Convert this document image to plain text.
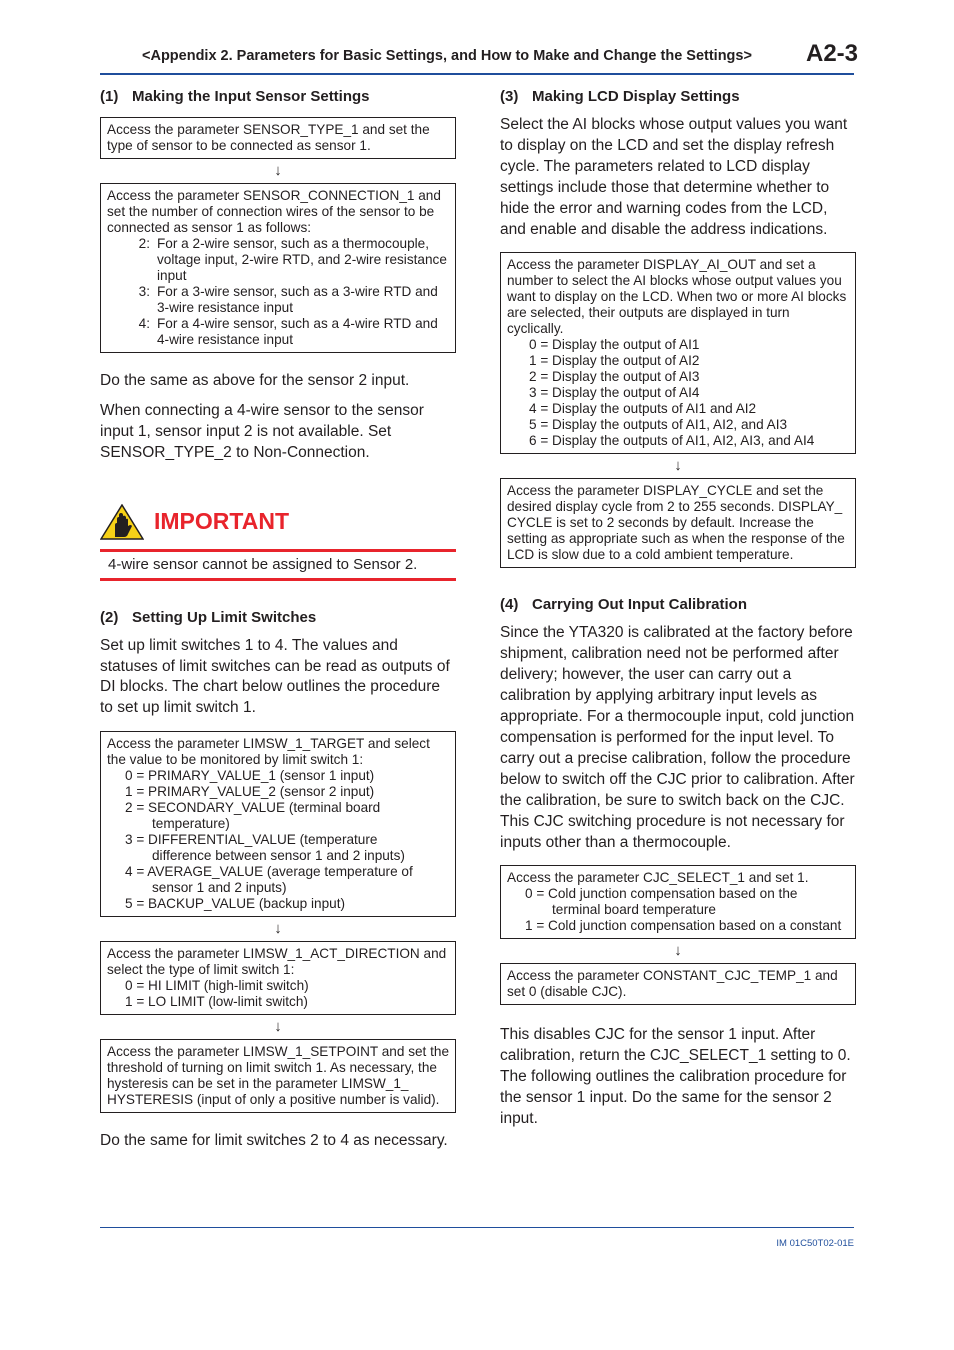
<Appendix 2. Parameters for Basic Settings, and How to Make and Change the Settings> A2-3
(1) Making the Input Sensor Settings
Access the parameter SENSOR_TYPE_1 and set the type of sensor to be connected as sensor 1.
↓
Access the parameter SENSOR_CONNECTION_1 and set the number of connection wires of the sensor to be connected as sensor 1 as follows:
2: For a 2-wire sensor, such as a thermocouple, voltage input, 2-wire RTD, and 2-wire resistance input
3: For a 3-wire sensor, such as a 3-wire RTD and 3-wire resistance input
4: For a 4-wire sensor, such as a 4-wire RTD and 4-wire resistance input

Do the same as above for the sensor 2 input.

When connecting a 4-wire sensor to the sensor input 1, sensor input 2 is not available. Set SENSOR_TYPE_2 to Non-Connection.

IMPORTANT
4-wire sensor cannot be assigned to Sensor 2.
(2) Setting Up Limit Switches

Set up limit switches 1 to 4. The values and statuses of limit switches can be read as outputs of DI blocks. The chart below outlines the procedure to set up limit switch 1.

Access the parameter LIMSW_1_TARGET and select the value to be monitored by limit switch 1:
0 = PRIMARY_VALUE_1 (sensor 1 input)
1 = PRIMARY_VALUE_2 (sensor 2 input)
2 = SECONDARY_VALUE (terminal board
temperature)
3 = DIFFERENTIAL_VALUE (temperature
difference between sensor 1 and 2 inputs)
4 = AVERAGE_VALUE (average temperature of
sensor 1 and 2 inputs)
5 = BACKUP_VALUE (backup input)
↓
Access the parameter LIMSW_1_ACT_DIRECTION and select the type of limit switch 1:
0 = HI LIMIT (high-limit switch)
1 = LO LIMIT (low-limit switch)
↓
Access the parameter LIMSW_1_SETPOINT and set the threshold of turning on limit switch 1. As necessary, the hysteresis can be set in the parameter LIMSW_1_ HYSTERESIS (input of only a positive number is valid).

Do the same for limit switches 2 to 4 as necessary.

(3) Making LCD Display Settings

Select the AI blocks whose output values you want to display on the LCD and set the display refresh cycle. The parameters related to LCD display settings include those that determine whether to hide the error and warning codes from the LCD, and enable and disable the address indications.

Access the parameter DISPLAY_AI_OUT and set a number to select the AI blocks whose output values you want to display on the LCD. When two or more AI blocks are selected, their outputs are displayed in turn cyclically.
0 = Display the output of AI1
1 = Display the output of AI2
2 = Display the output of AI3
3 = Display the output of AI4
4 = Display the outputs of AI1 and AI2
5 = Display the outputs of AI1, AI2, and AI3
6 = Display the outputs of AI1, AI2, AI3, and AI4
↓
Access the parameter DISPLAY_CYCLE and set the desired display cycle from 2 to 255 seconds. DISPLAY_ CYCLE is set to 2 seconds by default. Increase the setting as appropriate such as when the response of the LCD is slow due to a cold ambient temperature.
(4) Carrying Out Input Calibration

Since the YTA320 is calibrated at the factory before shipment, calibration need not be performed after delivery; however, the user can carry out a calibration by applying arbitrary input levels as appropriate. For a thermocouple input, cold junction compensation is performed for the input level. To carry out a precise calibration, follow the procedure below to switch off the CJC prior to calibration. After the calibration, be sure to switch back on the CJC. This CJC switching procedure is not necessary for inputs other than a thermocouple.

Access the parameter CJC_SELECT_1 and set 1.
0 = Cold junction compensation based on the
terminal board temperature
1 = Cold junction compensation based on a constant
↓
Access the parameter CONSTANT_CJC_TEMP_1 and set 0 (disable CJC).

This disables CJC for the sensor 1 input. After calibration, return the CJC_SELECT_1 setting to 0. The following outlines the calibration procedure for the sensor 1 input. Do the same for the sensor 2 input.

IM 01C50T02-01E
